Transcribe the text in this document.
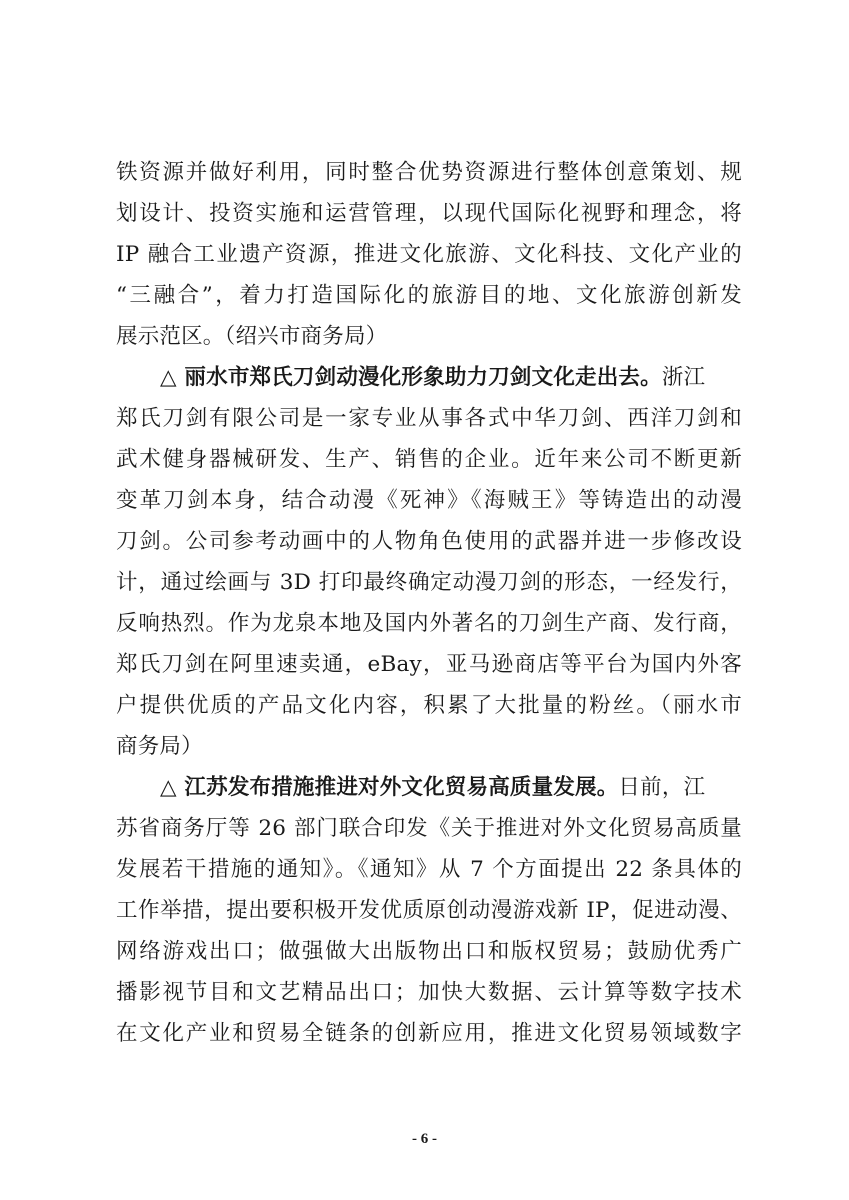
铁资源并做好利用，同时整合优势资源进行整体创意策划、规
划设计、投资实施和运营管理，以现代国际化视野和理念，将
IP 融合工业遗产资源，推进文化旅游、文化科技、文化产业的
“三融合”，着力打造国际化的旅游目的地、文化旅游创新发
展示范区。（绍兴市商务局）
△ 丽水市郑氏刀剑动漫化形象助力刀剑文化走出去。浙江
郑氏刀剑有限公司是一家专业从事各式中华刀剑、西洋刀剑和
武术健身器械研发、生产、销售的企业。近年来公司不断更新
变革刀剑本身，结合动漫《死神》《海贼王》等铸造出的动漫
刀剑。公司参考动画中的人物角色使用的武器并进一步修改设
计，通过绘画与 3D 打印最终确定动漫刀剑的形态，一经发行，
反响热烈。作为龙泉本地及国内外著名的刀剑生产商、发行商，
郑氏刀剑在阿里速卖通，eBay，亚马逊商店等平台为国内外客
户提供优质的产品文化内容，积累了大批量的粉丝。（丽水市
商务局）
△ 江苏发布措施推进对外文化贸易高质量发展。日前，江
苏省商务厅等 26 部门联合印发《关于推进对外文化贸易高质量
发展若干措施的通知》。《通知》从 7 个方面提出 22 条具体的
工作举措，提出要积极开发优质原创动漫游戏新 IP，促进动漫、
网络游戏出口；做强做大出版物出口和版权贸易；鼓励优秀广
播影视节目和文艺精品出口；加快大数据、云计算等数字技术
在文化产业和贸易全链条的创新应用，推进文化贸易领域数字
- 6 -
